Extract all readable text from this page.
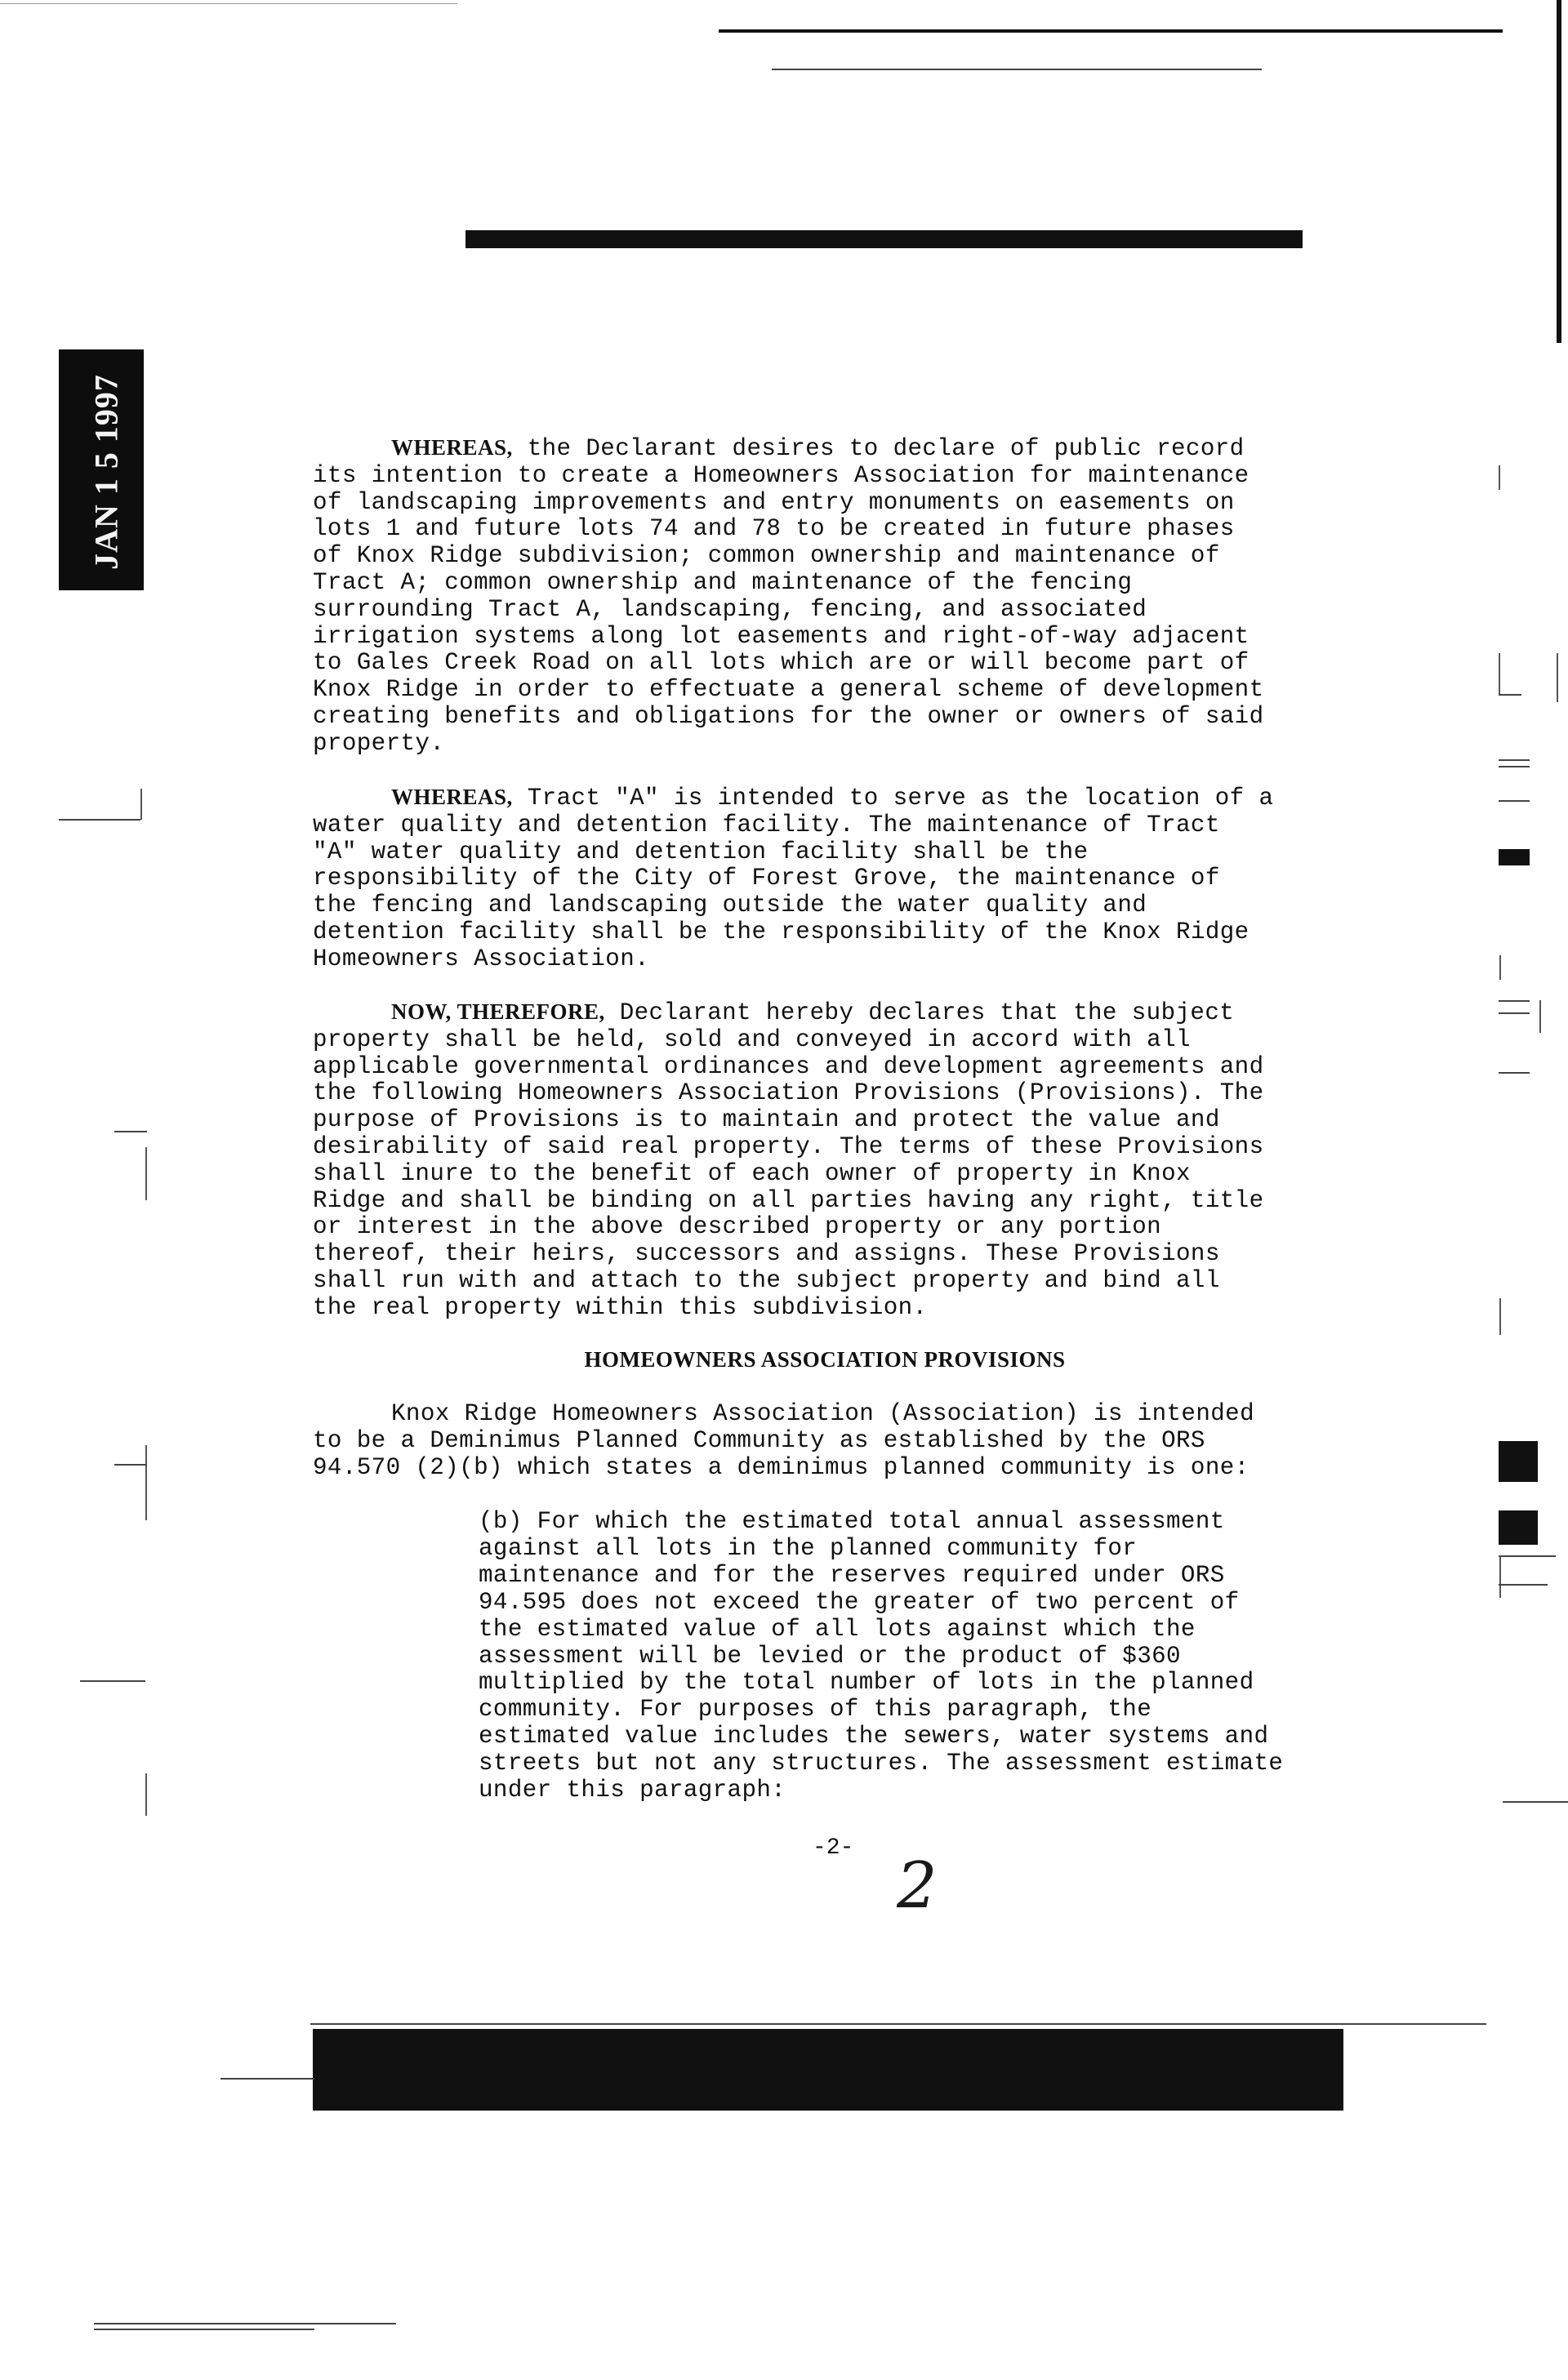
JAN 1 5 1997	WHEREAS, the Declarant desires to declare of public record
its intention to create a Homeowners Association for maintenance
of landscaping improvements and entry monuments on easements on
lots 1 and future lots 74 and 78 to be created in future phases
of Knox Ridge subdivision; common ownership and maintenance of
Tract A; common ownership and maintenance of the fencing
surrounding Tract A, landscaping, fencing, and associated
irrigation systems along lot easements and right-of-way adjacent
to Gales Creek Road on all lots which are or will become part of
Knox Ridge in order to effectuate a general scheme of development
creating benefits and obligations for the owner or owners of said
property.

WHEREAS, Tract "A" is intended to serve as the location of a
water quality and detention facility. The maintenance of Tract
"A" water quality and detention facility shall be the
responsibility of the City of Forest Grove, the maintenance of
the fencing and landscaping outside the water quality and
detention facility shall be the responsibility of the Knox Ridge
Homeowners Association.

NOW, THEREFORE, Declarant hereby declares that the subject
property shall be held, sold and conveyed in accord with all
applicable governmental ordinances and development agreements and
the following Homeowners Association Provisions (Provisions). The
purpose of Provisions is to maintain and protect the value and
desirability of said real property. The terms of these Provisions
shall inure to the benefit of each owner of property in Knox
Ridge and shall be binding on all parties having any right, title
or interest in the above described property or any portion
thereof, their heirs, successors and assigns. These Provisions
shall run with and attach to the subject property and bind all
the real property within this subdivision.

HOMEOWNERS ASSOCIATION PROVISIONS

Knox Ridge Homeowners Association (Association) is intended
to be a Deminimus Planned Community as established by the ORS
94.570 (2)(b) which states a deminimus planned community is one:

(b) For which the estimated total annual assessment
against all lots in the planned community for
maintenance and for the reserves required under ORS
94.595 does not exceed the greater of two percent of
the estimated value of all lots against which the
assessment will be levied or the product of $360
multiplied by the total number of lots in the planned
community. For purposes of this paragraph, the
estimated value includes the sewers, water systems and
streets but not any structures. The assessment estimate
under this paragraph:

-2-
2
